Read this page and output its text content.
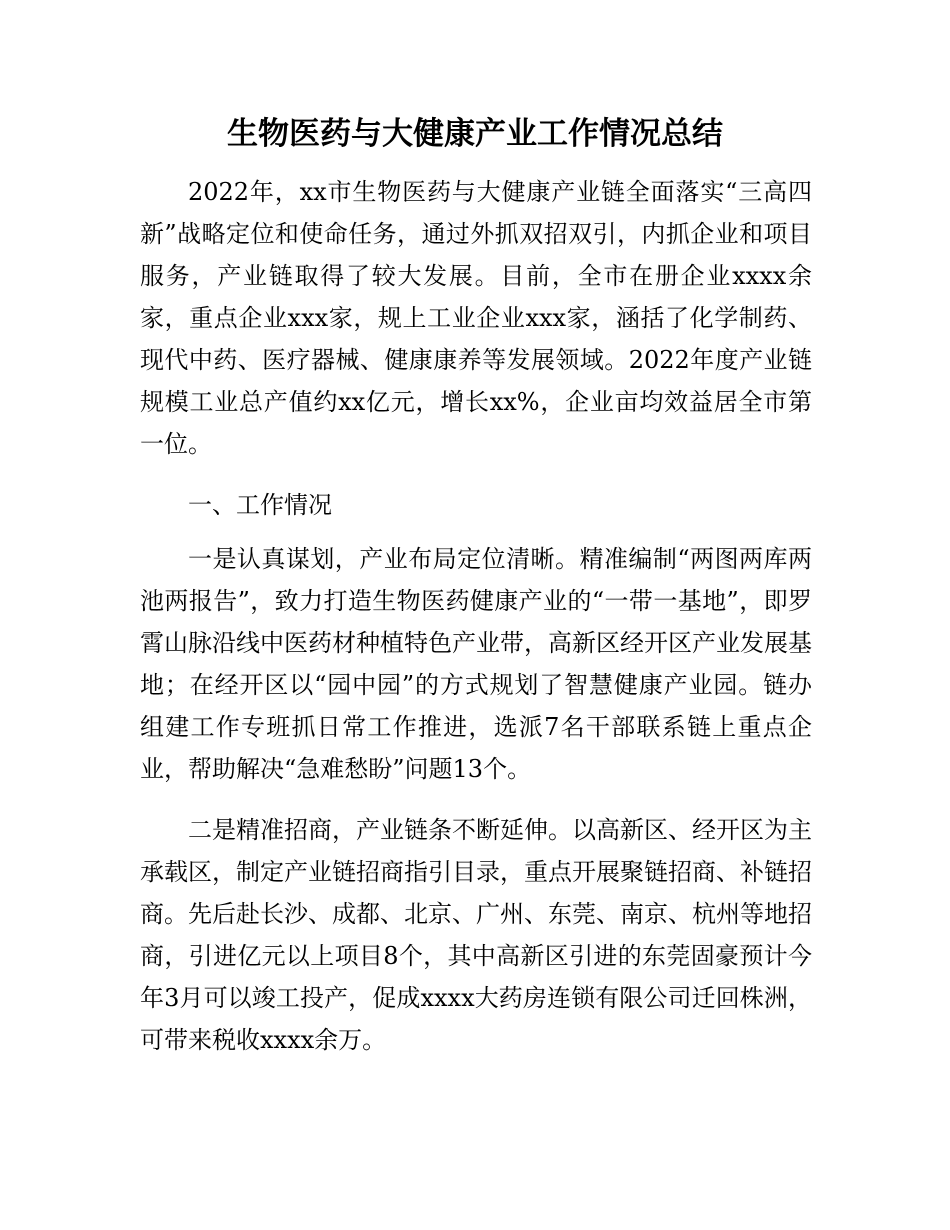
生物医药与大健康产业工作情况总结

2022年，xx市生物医药与大健康产业链全面落实“三高四新”战略定位和使命任务，通过外抓双招双引，内抓企业和项目服务，产业链取得了较大发展。目前，全市在册企业xxxx余家，重点企业xxx家，规上工业企业xxx家，涵括了化学制药、现代中药、医疗器械、健康康养等发展领域。2022年度产业链规模工业总产值约xx亿元，增长xx%，企业亩均效益居全市第一位。

一、工作情况

一是认真谋划，产业布局定位清晰。精准编制“两图两库两池两报告”，致力打造生物医药健康产业的“一带一基地”，即罗霄山脉沿线中医药材种植特色产业带，高新区经开区产业发展基地；在经开区以“园中园”的方式规划了智慧健康产业园。链办组建工作专班抓日常工作推进，选派7名干部联系链上重点企业，帮助解决“急难愁盼”问题13个。

二是精准招商，产业链条不断延伸。以高新区、经开区为主承载区，制定产业链招商指引目录，重点开展聚链招商、补链招商。先后赴长沙、成都、北京、广州、东莞、南京、杭州等地招商，引进亿元以上项目8个，其中高新区引进的东莞固豪预计今年3月可以竣工投产，促成xxxx大药房连锁有限公司迁回株洲，可带来税收xxxx余万。
